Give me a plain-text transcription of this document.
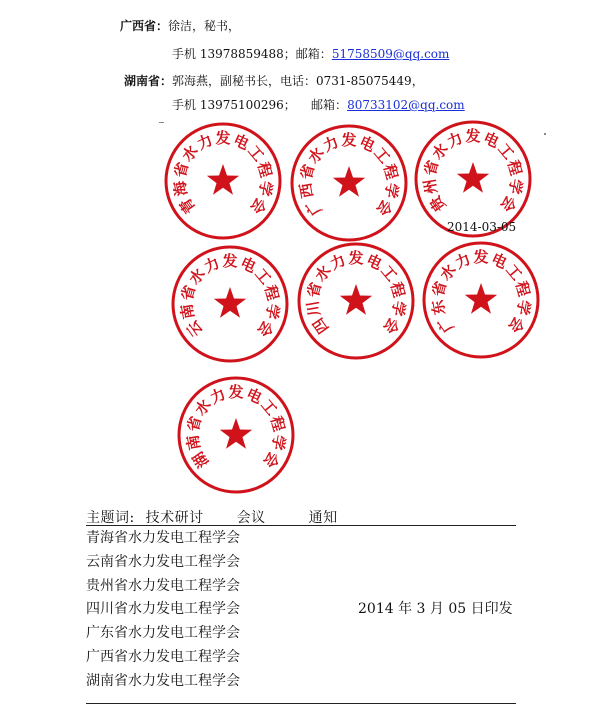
广西省：徐洁，秘书，
手机 13978859488；邮箱：51758509@qq.com
湖南省：郭海燕，副秘书长，电话：0731-85075449，
手机 13975100296；    邮箱：80733102@qq.com
青
海
省
水
力 发 电
工
程
学
会 广
西
省
水
力 发 电
工
程
学
会 贵
州
省
水
力 发 电
工
程
学
会
云
南
省
水
力 发 电
工
程
学
会 四
川
省
水
力 发 电
工
程
学
会 广
东
省
水
力 发 电
工
程
学
会
湖
南
省
水
力 发 电
工
程
学
会
2014-03-05
主题词: 技术研讨 会议	通知
青海省水力发电工程学会
云南省水力发电工程学会
贵州省水力发电工程学会
四川省水力发电工程学会
广东省水力发电工程学会
广西省水力发电工程学会
湖南省水力发电工程学会
2014 年 3 月 05 日印发
